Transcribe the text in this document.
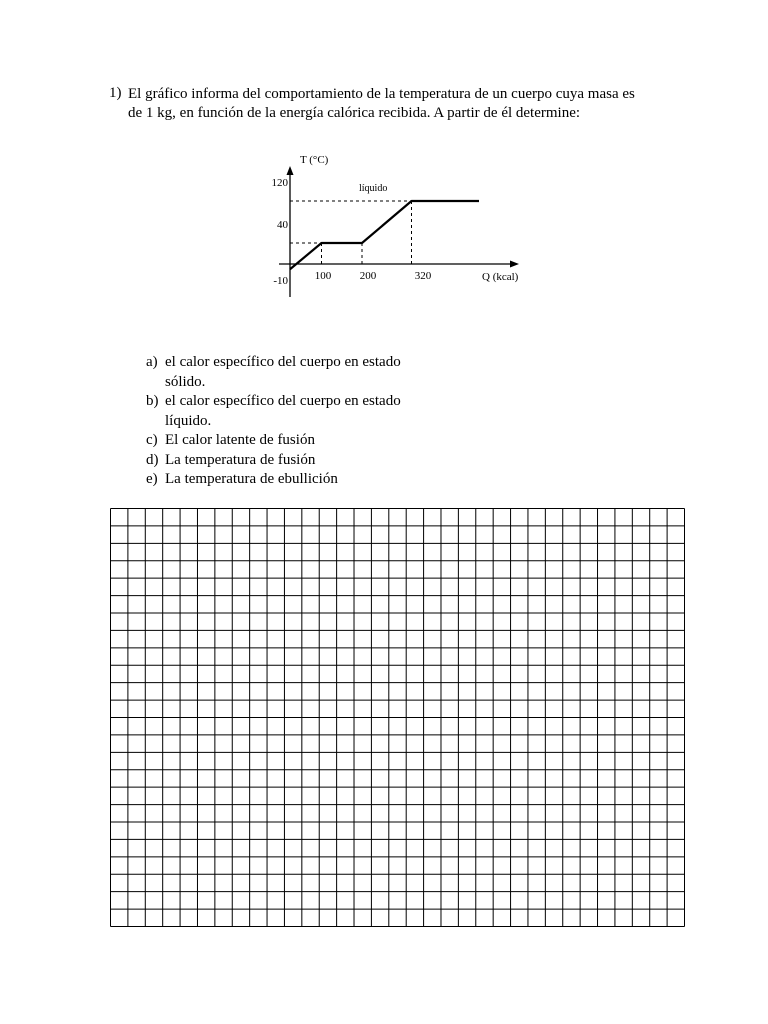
1) El gráfico informa del comportamiento de la temperatura de un cuerpo cuya masa es
de 1 kg, en función de la energía calórica recibida. A partir de él determine:
T (°C)
Q (kcal)
líquido
120
40
-10 100	200	320
a) el calor específico del cuerpo en estado
sólido.
b) el calor específico del cuerpo en estado
líquido.
c) El calor latente de fusión
d) La temperatura de fusión
e) La temperatura de ebullición
